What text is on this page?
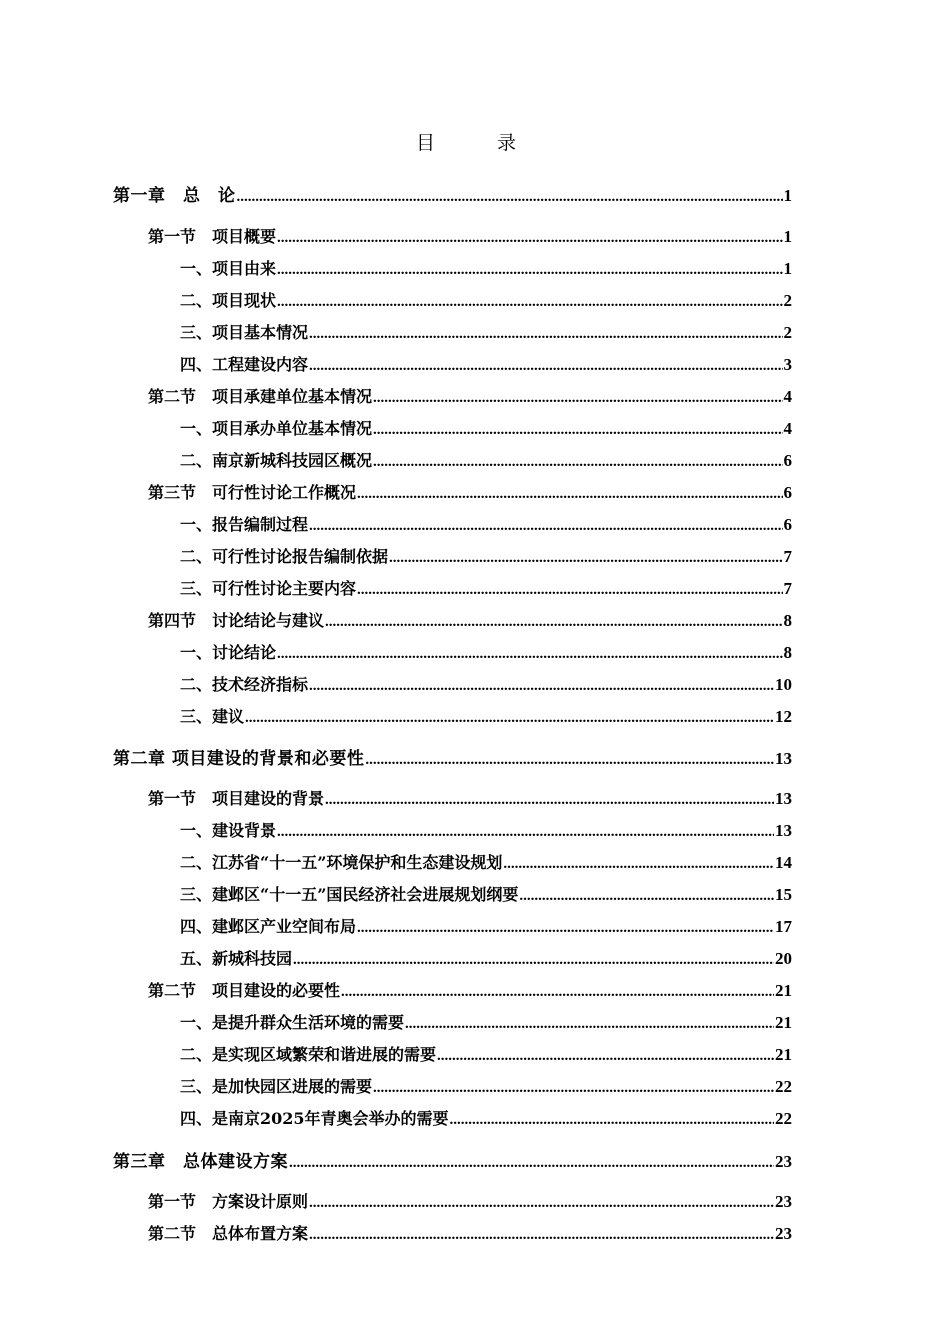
目 录
第一章　总　论 .....	1
第一节　项目概要 .....	1
一、项目由来 .....	1
二、项目现状 .....	2
三、项目基本情况 .....	2
四、工程建设内容 .....	3
第二节　项目承建单位基本情况 .....	4
一、项目承办单位基本情况 .....	4
二、南京新城科技园区概况 .....	6
第三节　可行性讨论工作概况 .....	6
一、报告编制过程 .....	6
二、可行性讨论报告编制依据 .....	7
三、可行性讨论主要内容 .....	7
第四节　讨论结论与建议 .....	8
一、讨论结论 .....	8
二、技术经济指标 .....	10
三、建议 .....	12
第二章 项目建设的背景和必要性 .....	13
第一节　项目建设的背景 .....	13
一、建设背景 .....	13
二、江苏省“十一五”环境保护和生态建设规划 .....	14
三、建邺区“十一五”国民经济社会进展规划纲要 .....	15
四、建邺区产业空间布局 .....	17
五、新城科技园 .....	20
第二节　项目建设的必要性 .....	21
一、是提升群众生活环境的需要 .....	21
二、是实现区域繁荣和谐进展的需要 .....	21
三、是加快园区进展的需要 .....	22
四、是南京2025年青奥会举办的需要 .....	22
第三章　总体建设方案 .....	23
第一节　方案设计原则 .....	23
第二节　总体布置方案 .....	23
